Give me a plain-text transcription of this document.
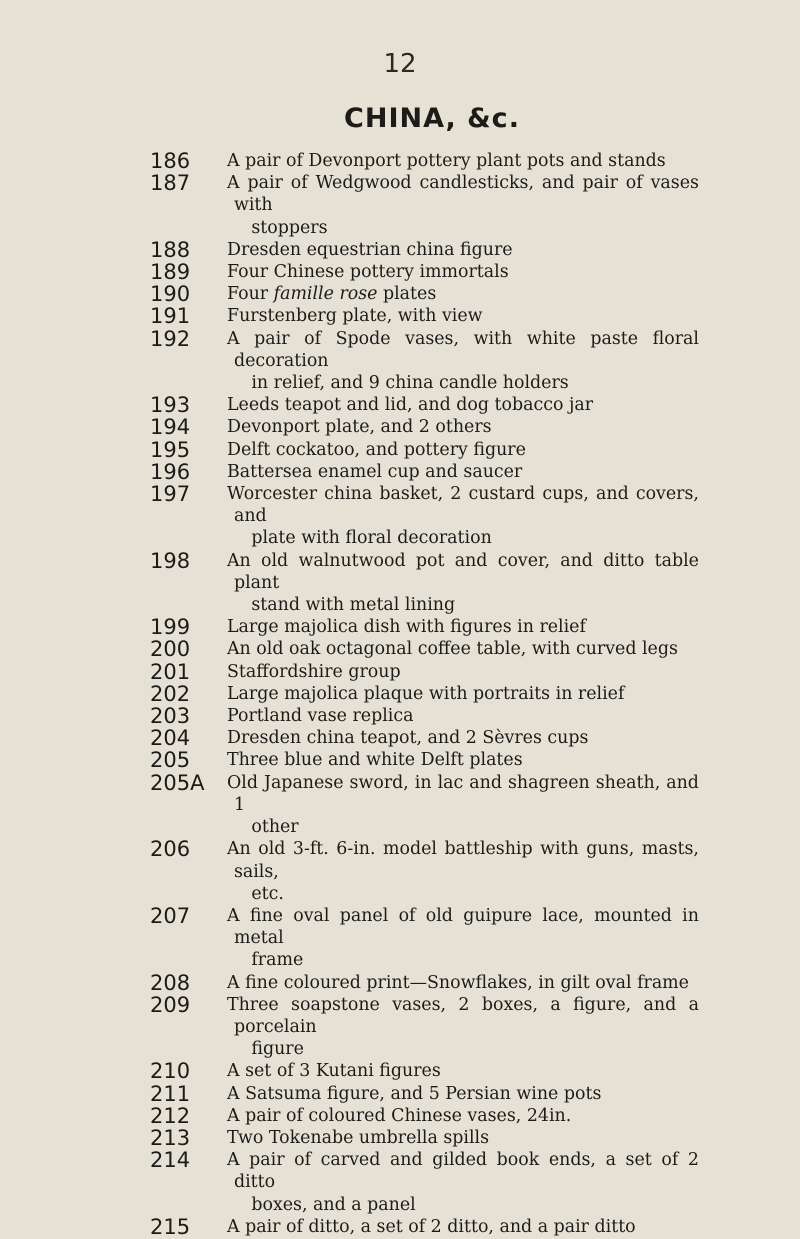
12
CHINA, &c.
186	A pair of Devonport pottery plant pots and stands
187	A pair of Wedgwood candlesticks, and pair of vases with
stoppers
188	Dresden equestrian china figure
189	Four Chinese pottery immortals
190	Four famille rose plates
191	Furstenberg plate, with view
192	A pair of Spode vases, with white paste floral decoration
in relief, and 9 china candle holders
193	Leeds teapot and lid, and dog tobacco jar
194	Devonport plate, and 2 others
195	Delft cockatoo, and pottery figure
196	Battersea enamel cup and saucer
197	Worcester china basket, 2 custard cups, and covers, and
plate with floral decoration
198	An old walnutwood pot and cover, and ditto table plant
stand with metal lining
199	Large majolica dish with figures in relief
200	An old oak octagonal coffee table, with curved legs
201	Staffordshire group
202	Large majolica plaque with portraits in relief
203	Portland vase replica
204	Dresden china teapot, and 2 Sèvres cups
205	Three blue and white Delft plates
205A	Old Japanese sword, in lac and shagreen sheath, and 1
other
206	An old 3-ft. 6-in. model battleship with guns, masts, sails,
etc.
207	A fine oval panel of old guipure lace, mounted in metal
frame
208	A fine coloured print—Snowflakes, in gilt oval frame
209	Three soapstone vases, 2 boxes, a figure, and a porcelain
figure
210	A set of 3 Kutani figures
211	A Satsuma figure, and 5 Persian wine pots
212	A pair of coloured Chinese vases, 24in.
213	Two Tokenabe umbrella spills
214	A pair of carved and gilded book ends, a set of 2 ditto
boxes, and a panel
215	A pair of ditto, a set of 2 ditto, and a pair ditto
